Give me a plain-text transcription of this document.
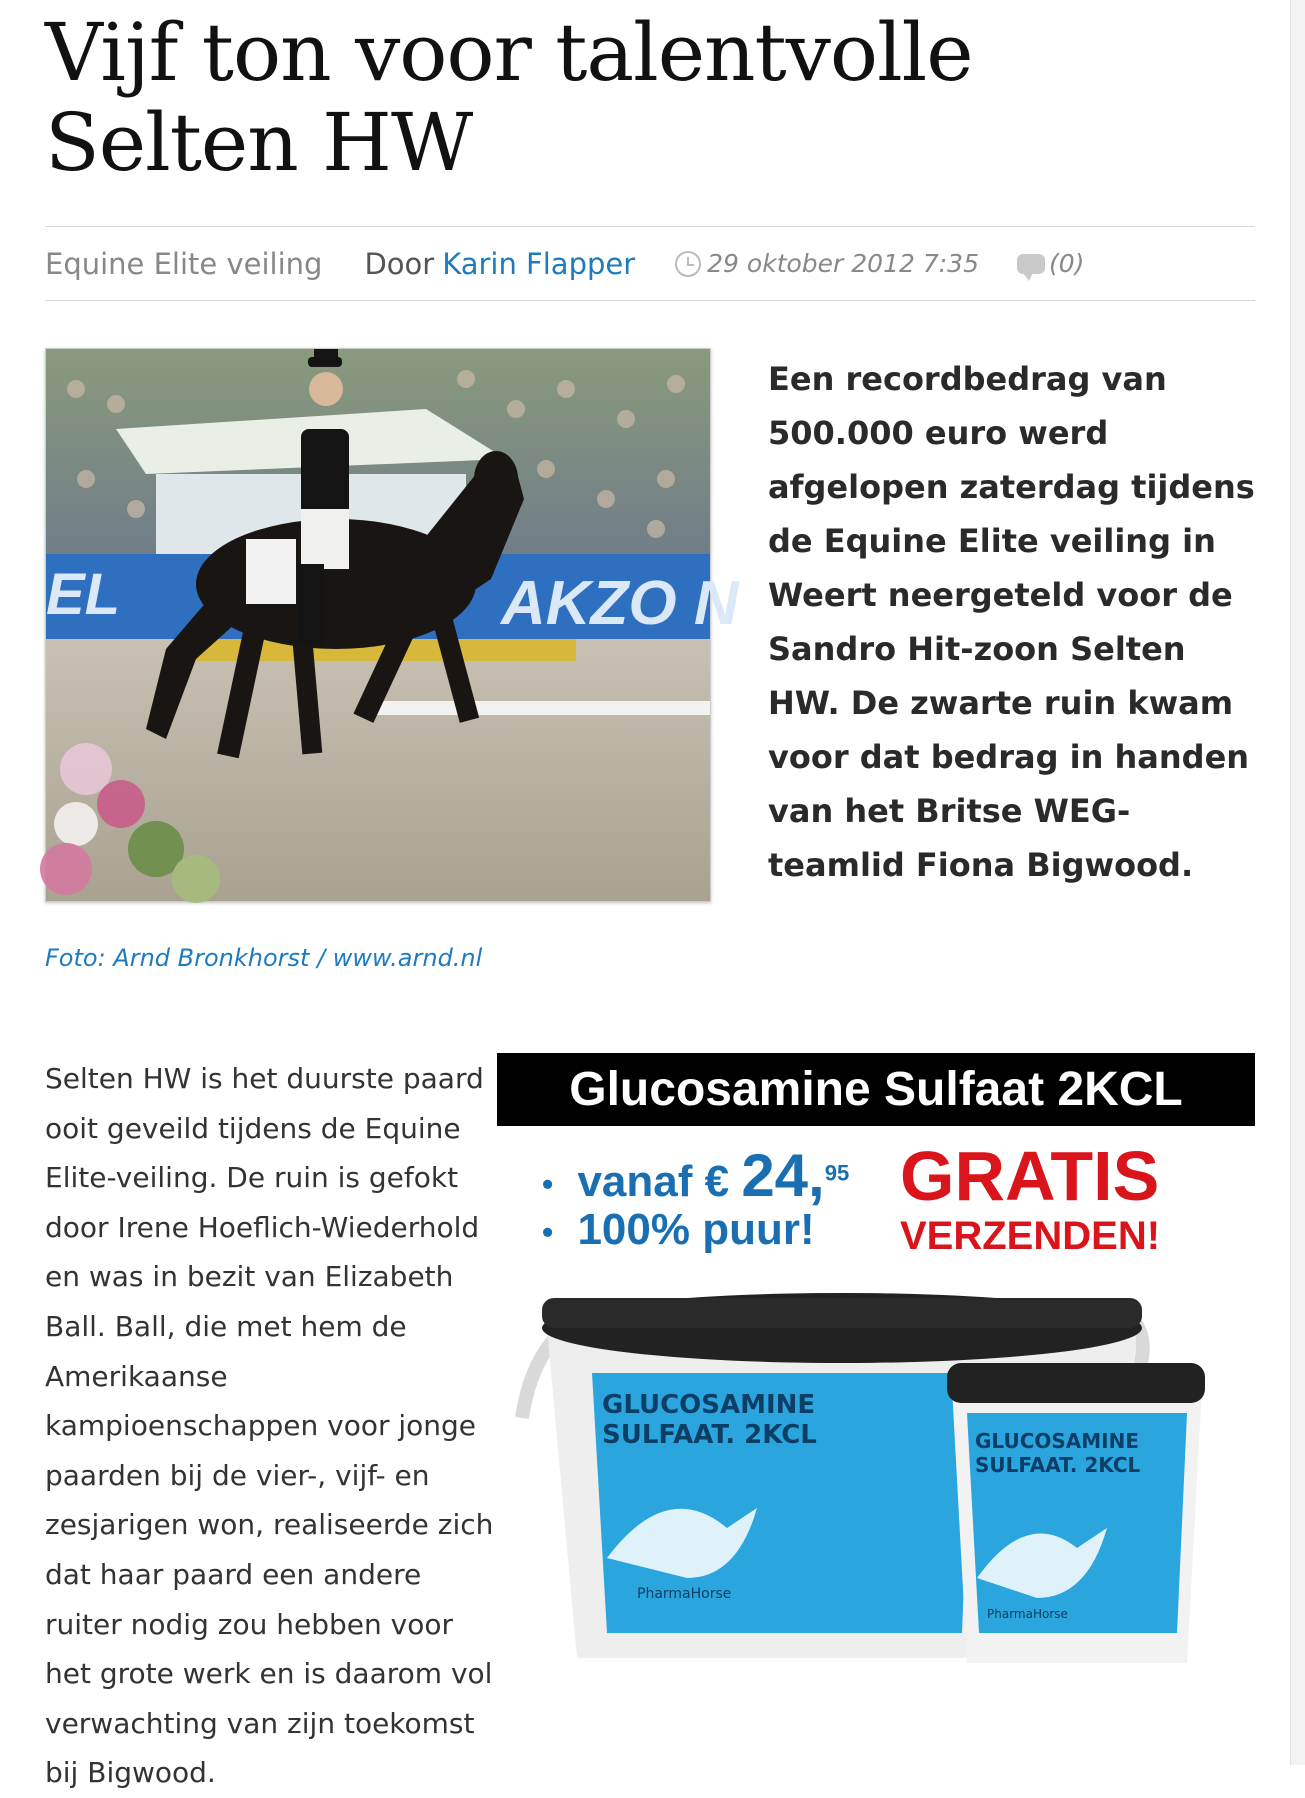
Vijf ton voor talentvolle Selten HW
Equine Elite veiling Door Karin Flapper	29 oktober 2012 7:35	(0)
EL	AKZO N
Een recordbedrag van 500.000 euro werd afgelopen zaterdag tijdens de Equine Elite veiling in Weert neergeteld voor de Sandro Hit-zoon Selten HW. De zwarte ruin kwam voor dat bedrag in handen van het Britse WEG-teamlid Fiona Bigwood.
Foto: Arnd Bronkhorst / www.arnd.nl
Selten HW is het duurste paard ooit geveild tijdens de Equine Elite-veiling. De ruin is gefokt door Irene Hoeflich-Wiederhold en was in bezit van Elizabeth Ball. Ball, die met hem de Amerikaanse kampioenschappen voor jonge paarden bij de vier-, vijf- en zesjarigen won, realiseerde zich dat haar paard een andere ruiter nodig zou hebben voor het grote werk en is daarom vol verwachting van zijn toekomst bij Bigwood.
Glucosamine Sulfaat 2KCL
• vanaf € 24,95
• 100% puur!
GRATIS
VERZENDEN!
GLUCOSAMINE
SULFAAT. 2KCL
PharmaHorse
GLUCOSAMINE
SULFAAT. 2KCL
PharmaHorse
